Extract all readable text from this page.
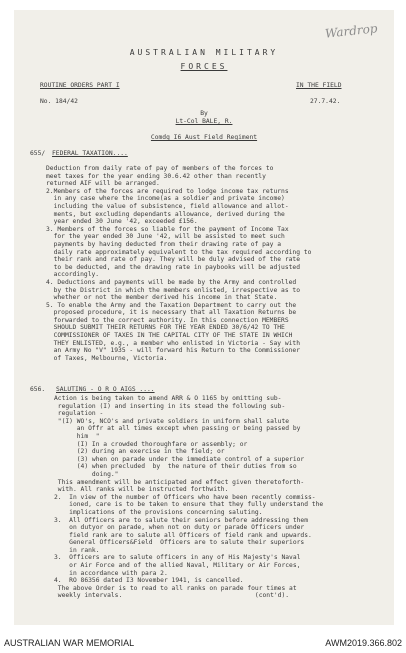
Wardrop
AUSTRALIAN MILITARY
FORCES
ROUTINE ORDERS PART I	IN THE FIELD
No. 184/42	27.7.42.
By
Lt-Col BALE, R.
Comdg I6 Aust Field Regiment
655/ FEDERAL TAXATION....
Deduction from daily rate of pay of members of the forces to
meet taxes for the year ending 30.6.42 other than recently
returned AIF will be arranged.
2.Members of the forces are required to lodge income tax returns
in any case where the income(as a soldier and private income)
including the value of subsistence, field allowance and allot-
ments, but excluding dependants allowance, derived during the
year ended 30 June '42, exceeded £156.
3. Members of the forces so liable for the payment of Income Tax
for the year ended 30 June '42, will be assisted to meet such
payments by having deducted from their drawing rate of pay a
daily rate approximately equivalent to the tax required according to
their rank and rate of pay. They will be duly advised of the rate
to be deducted, and the drawing rate in paybooks will be adjusted
accordingly.
4. Deductions and payments will be made by the Army and controlled
by the District in which the members enlisted, irrespective as to
whether or not the member derived his income in that State.
5. To enable the Army and the Taxation Department to carry out the
proposed procedure, it is necessary that all Taxation Returns be
forwarded to the correct authority. In this connection MEMBERS
SHOULD SUBMIT THEIR RETURNS FOR THE YEAR ENDED 30/6/42 TO THE
COMMISSIONER OF TAXES IN THE CAPITAL CITY OF THE STATE IN WHICH
THEY ENLISTED, e.g., a member who enlisted in Victoria - Say with
an Army No "V" 1935 - will forward his Return to the Commissioner
of Taxes, Melbourne, Victoria.
656. SALUTING - O R O AIGS ....
Action is being taken to amend ARR & O 1165 by omitting sub-
regulation (I) and inserting in its stead the following sub-
regulation -
"(I) WO's, NCO's and private soldiers in uniform shall salute
an Offr at all times except when passing or being passed by
him  "
(I) In a crowded thoroughfare or assembly; or
(2) during an exercise in the field; or
(3) when on parade under the immediate control of a superior
(4) when precluded  by  the nature of their duties from so
doing."
This amendment will be anticipated and effect given theretoforth-
with. All ranks will be instructed forthwith.
2.  In view of the number of Officers who have been recently commiss-
ioned, care is to be taken to ensure that they fully understand the
implications of the provisions concerning saluting.
3.  All Officers are to salute their seniors before addressing them
on dutyor on parade, when not on duty or parade Officers under
field rank are to salute all Officers of field rank and upwards.
General Officers&Field  Officers are to salute their superiors
in rank.
3.  Officers are to salute officers in any of His Majesty's Naval
or Air Force and of the allied Naval, Military or Air Forces,
in accordance with para 2.
4.  RO 86356 dated I3 November 1941, is cancelled.
The above Order is to read to all ranks on parade four times at
weekly intervals.                                   (cont'd).
AUSTRALIAN WAR MEMORIAL	AWM2019.366.802
